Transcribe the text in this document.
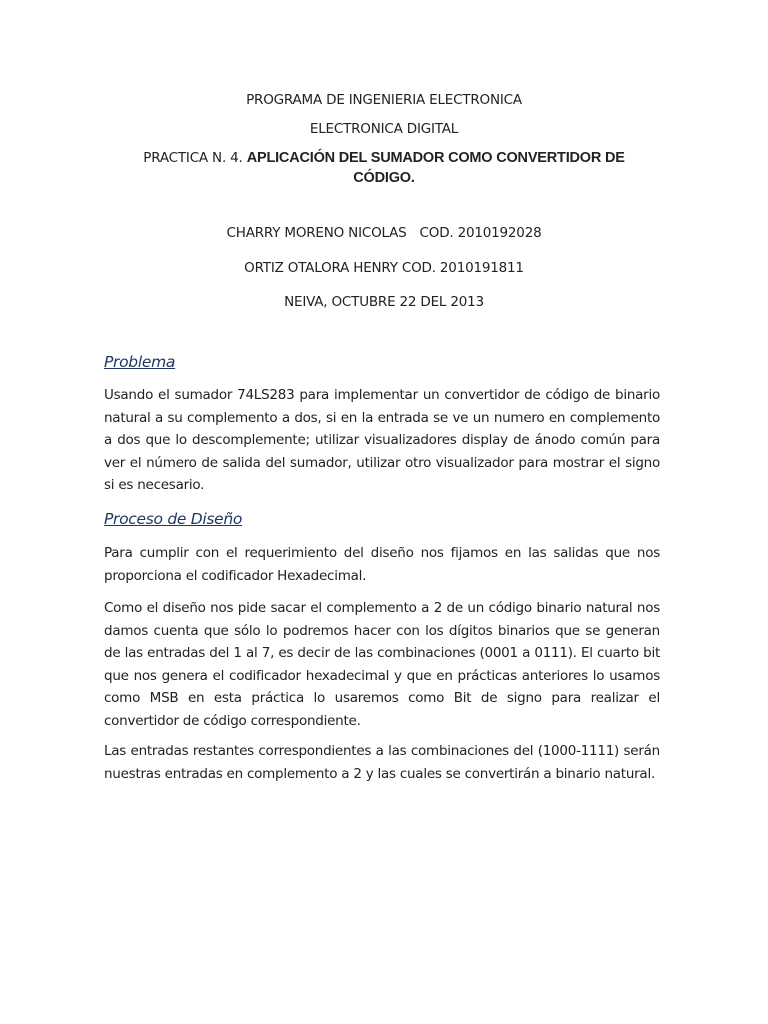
PROGRAMA DE INGENIERIA ELECTRONICA
ELECTRONICA DIGITAL
PRACTICA N. 4. APLICACIÓN DEL SUMADOR COMO CONVERTIDOR DE
CÓDIGO.
CHARRY MORENO NICOLAS COD. 2010192028
ORTIZ OTALORA HENRY COD. 2010191811
NEIVA, OCTUBRE 22 DEL 2013
Problema
Usando el sumador 74LS283 para implementar un convertidor de código de binario natural a su complemento a dos, si en la entrada se ve un numero en complemento a dos que lo descomplemente; utilizar visualizadores display de ánodo común para ver el número de salida del sumador, utilizar otro visualizador para mostrar el signo si es necesario.
Proceso de Diseño
Para cumplir con el requerimiento del diseño nos fijamos en las salidas que nos proporciona el codificador Hexadecimal.
Como el diseño nos pide sacar el complemento a 2 de un código binario natural nos damos cuenta que sólo lo podremos hacer con los dígitos binarios que se generan de las entradas del 1 al 7, es decir de las combinaciones (0001 a 0111). El cuarto bit que nos genera el codificador hexadecimal y que en prácticas anteriores lo usamos como MSB en esta práctica lo usaremos como Bit de signo para realizar el convertidor de código correspondiente.
Las entradas restantes correspondientes a las combinaciones del (1000-1111) serán nuestras entradas en complemento a 2 y las cuales se convertirán a binario natural.
